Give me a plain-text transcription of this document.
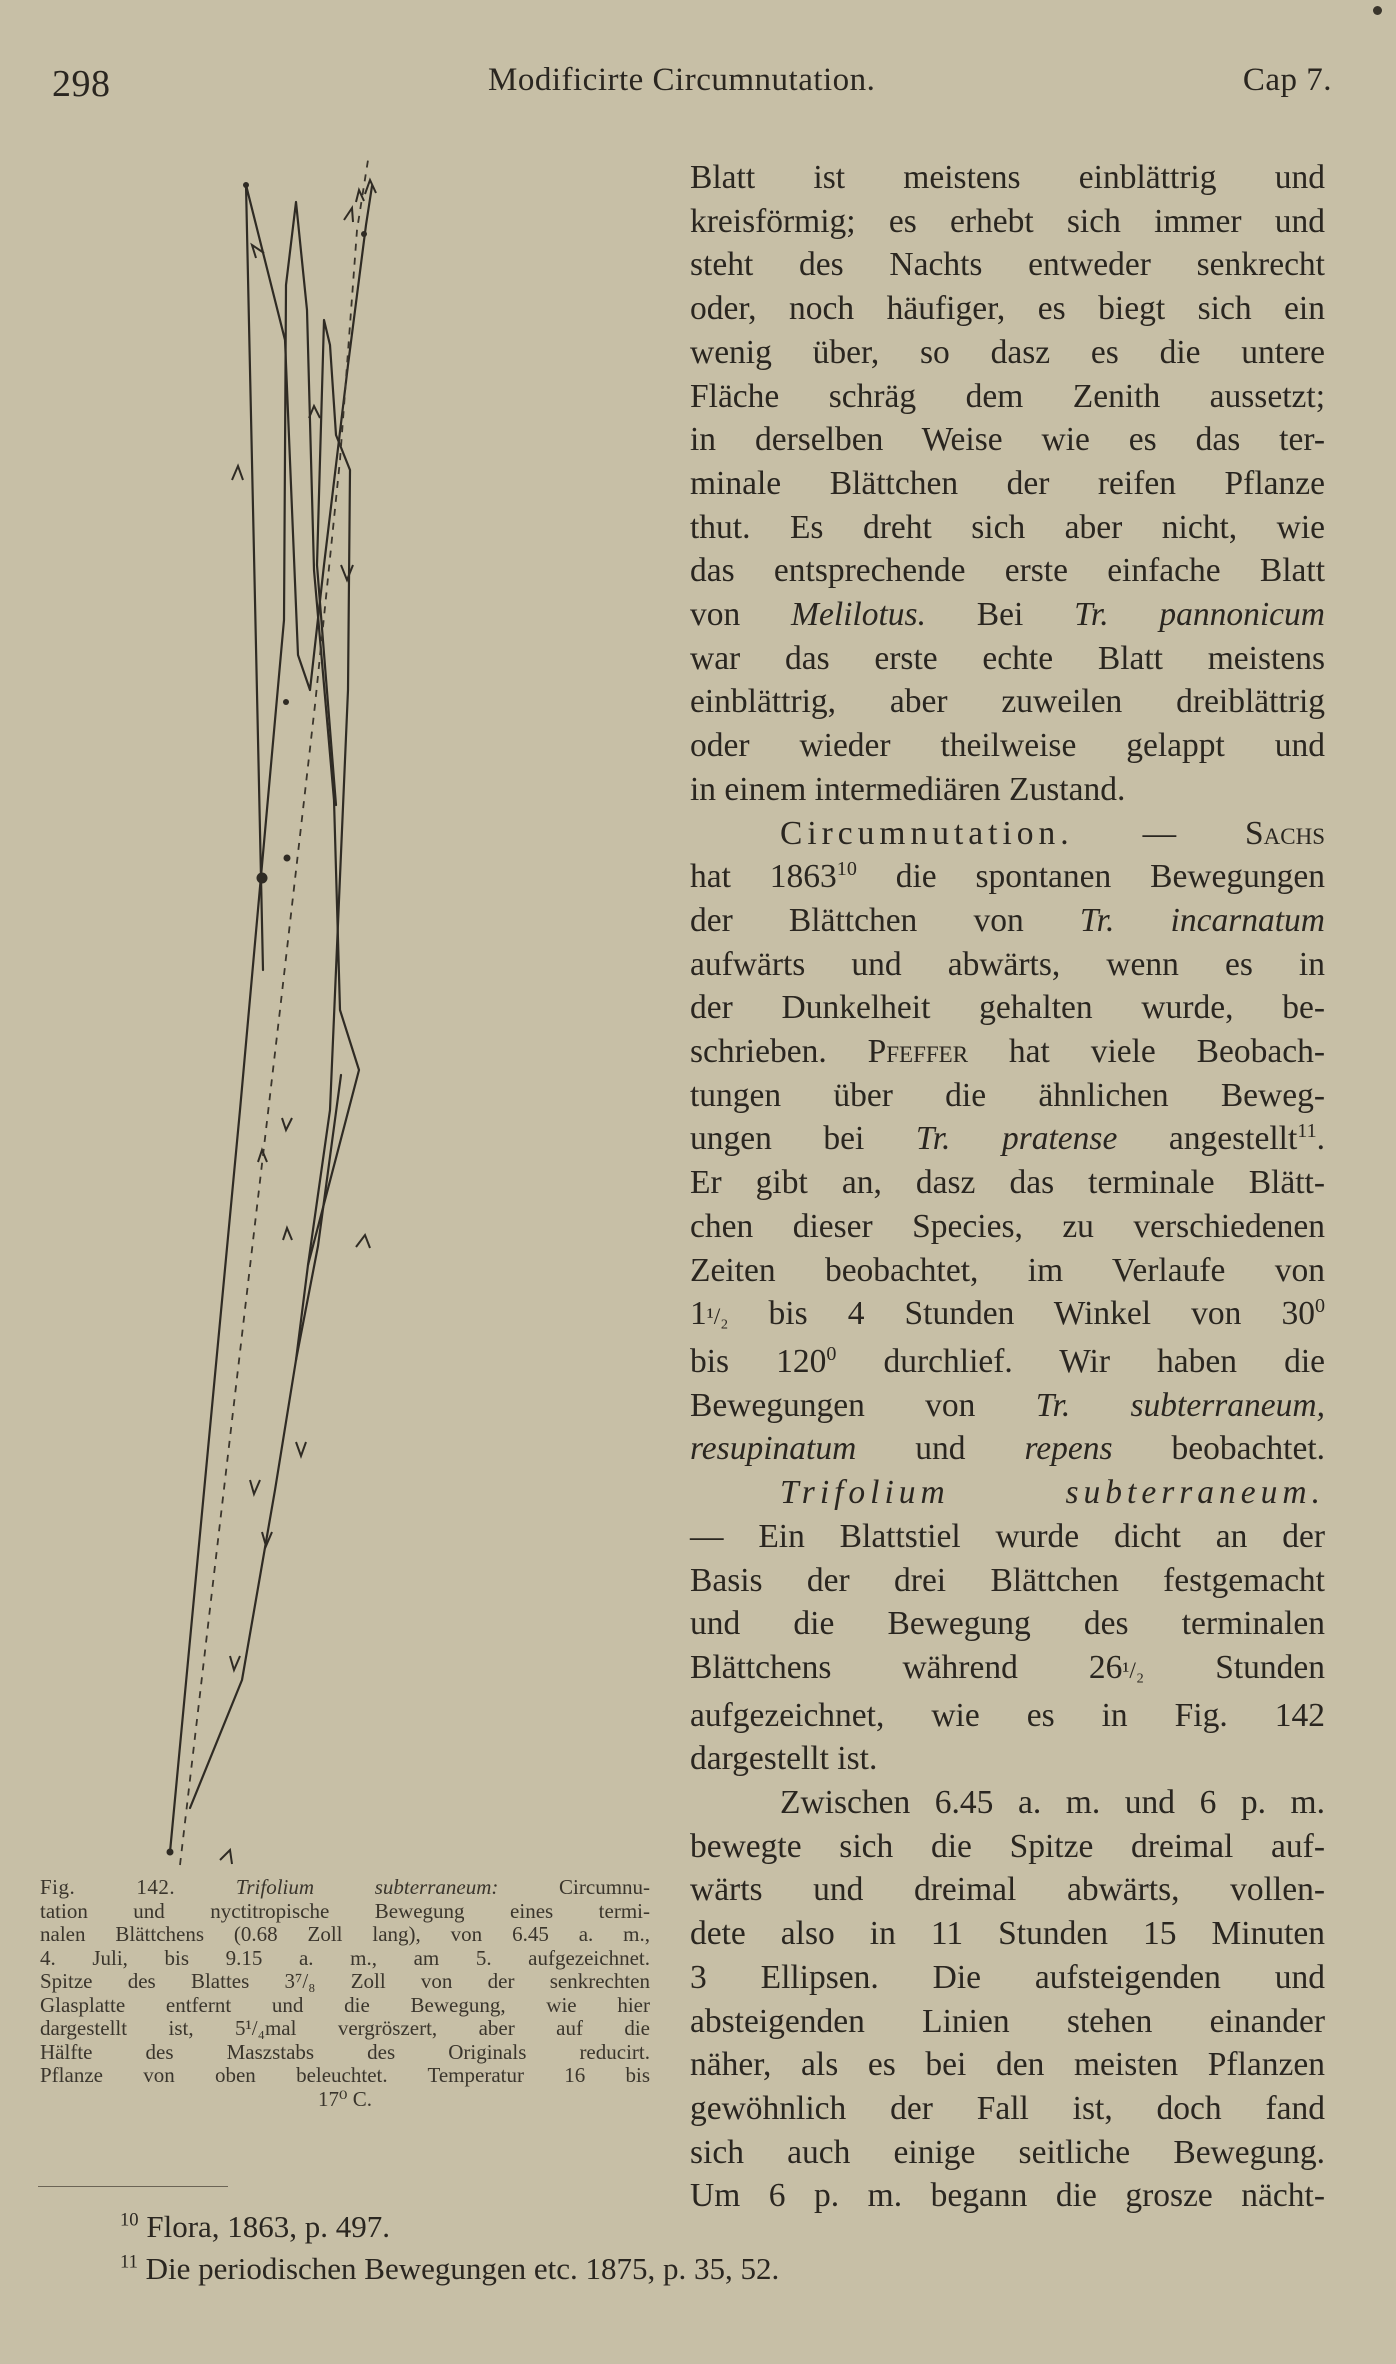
298	Modificirte Circumnutation.	Cap 7.
Fig. 142.	Trifolium subterraneum:	Circumnu-
tation und nyctitropische Bewegung eines termi-
nalen Blättchens (0.68 Zoll lang), von 6.45 a. m.,
4. Juli, bis 9.15 a. m., am 5. aufgezeichnet.
Spitze des Blattes 3⁷/₈ Zoll von der senkrechten
Glasplatte entfernt und die Bewegung, wie hier
dargestellt ist, 5¹/₄mal vergröszert, aber auf die
Hälfte des Maszstabs des Originals reducirt.
Pflanze von oben beleuchtet. Temperatur 16 bis
17⁰ C.
Blatt ist meistens einblättrig und
kreisförmig; es erhebt sich immer und
steht des Nachts entweder senkrecht
oder, noch häufiger, es biegt sich ein
wenig über, so dasz es die untere
Fläche schräg dem Zenith aussetzt;
in derselben Weise wie es das ter-
minale Blättchen der reifen Pflanze
thut. Es dreht sich aber nicht, wie
das entsprechende erste einfache Blatt
von Melilotus. Bei Tr. pannonicum
war das erste echte Blatt meistens
einblättrig, aber zuweilen dreiblättrig
oder wieder theilweise gelappt und
in einem intermediären Zustand.
Circumnutation. — Sachs
hat 1863$^{10}$ die spontanen Bewegungen
der Blättchen von Tr. incarnatum
aufwärts und abwärts, wenn es in
der Dunkelheit gehalten wurde, be-
schrieben. Pfeffer hat viele Beobach-
tungen über die ähnlichen Beweg-
ungen bei Tr. pratense angestellt$^{11}$.
Er gibt an, dasz das terminale Blätt-
chen dieser Species, zu verschiedenen
Zeiten beobachtet, im Verlaufe von
1¹/₂ bis 4 Stunden Winkel von $30^0$
bis $120^0$ durchlief. Wir haben die
Bewegungen von Tr. subterraneum,
resupinatum und repens beobachtet.
Trifolium subterraneum.
— Ein Blattstiel wurde dicht an der
Basis der drei Blättchen festgemacht
und die Bewegung des terminalen
Blättchens während 26¹/₂ Stunden
aufgezeichnet, wie es in Fig. 142
dargestellt ist.
Zwischen 6.45 a. m. und 6 p. m.
bewegte sich die Spitze dreimal auf-
wärts und dreimal abwärts, vollen-
dete also in 11 Stunden 15 Minuten
3 Ellipsen. Die aufsteigenden und
absteigenden Linien stehen einander
näher, als es bei den meisten Pflanzen
gewöhnlich der Fall ist, doch fand
sich auch einige seitliche Bewegung.
Um 6 p. m. begann die grosze nächt-
$^{10}$ Flora, 1863, p. 497.
$^{11}$ Die periodischen Bewegungen etc. 1875, p. 35, 52.
